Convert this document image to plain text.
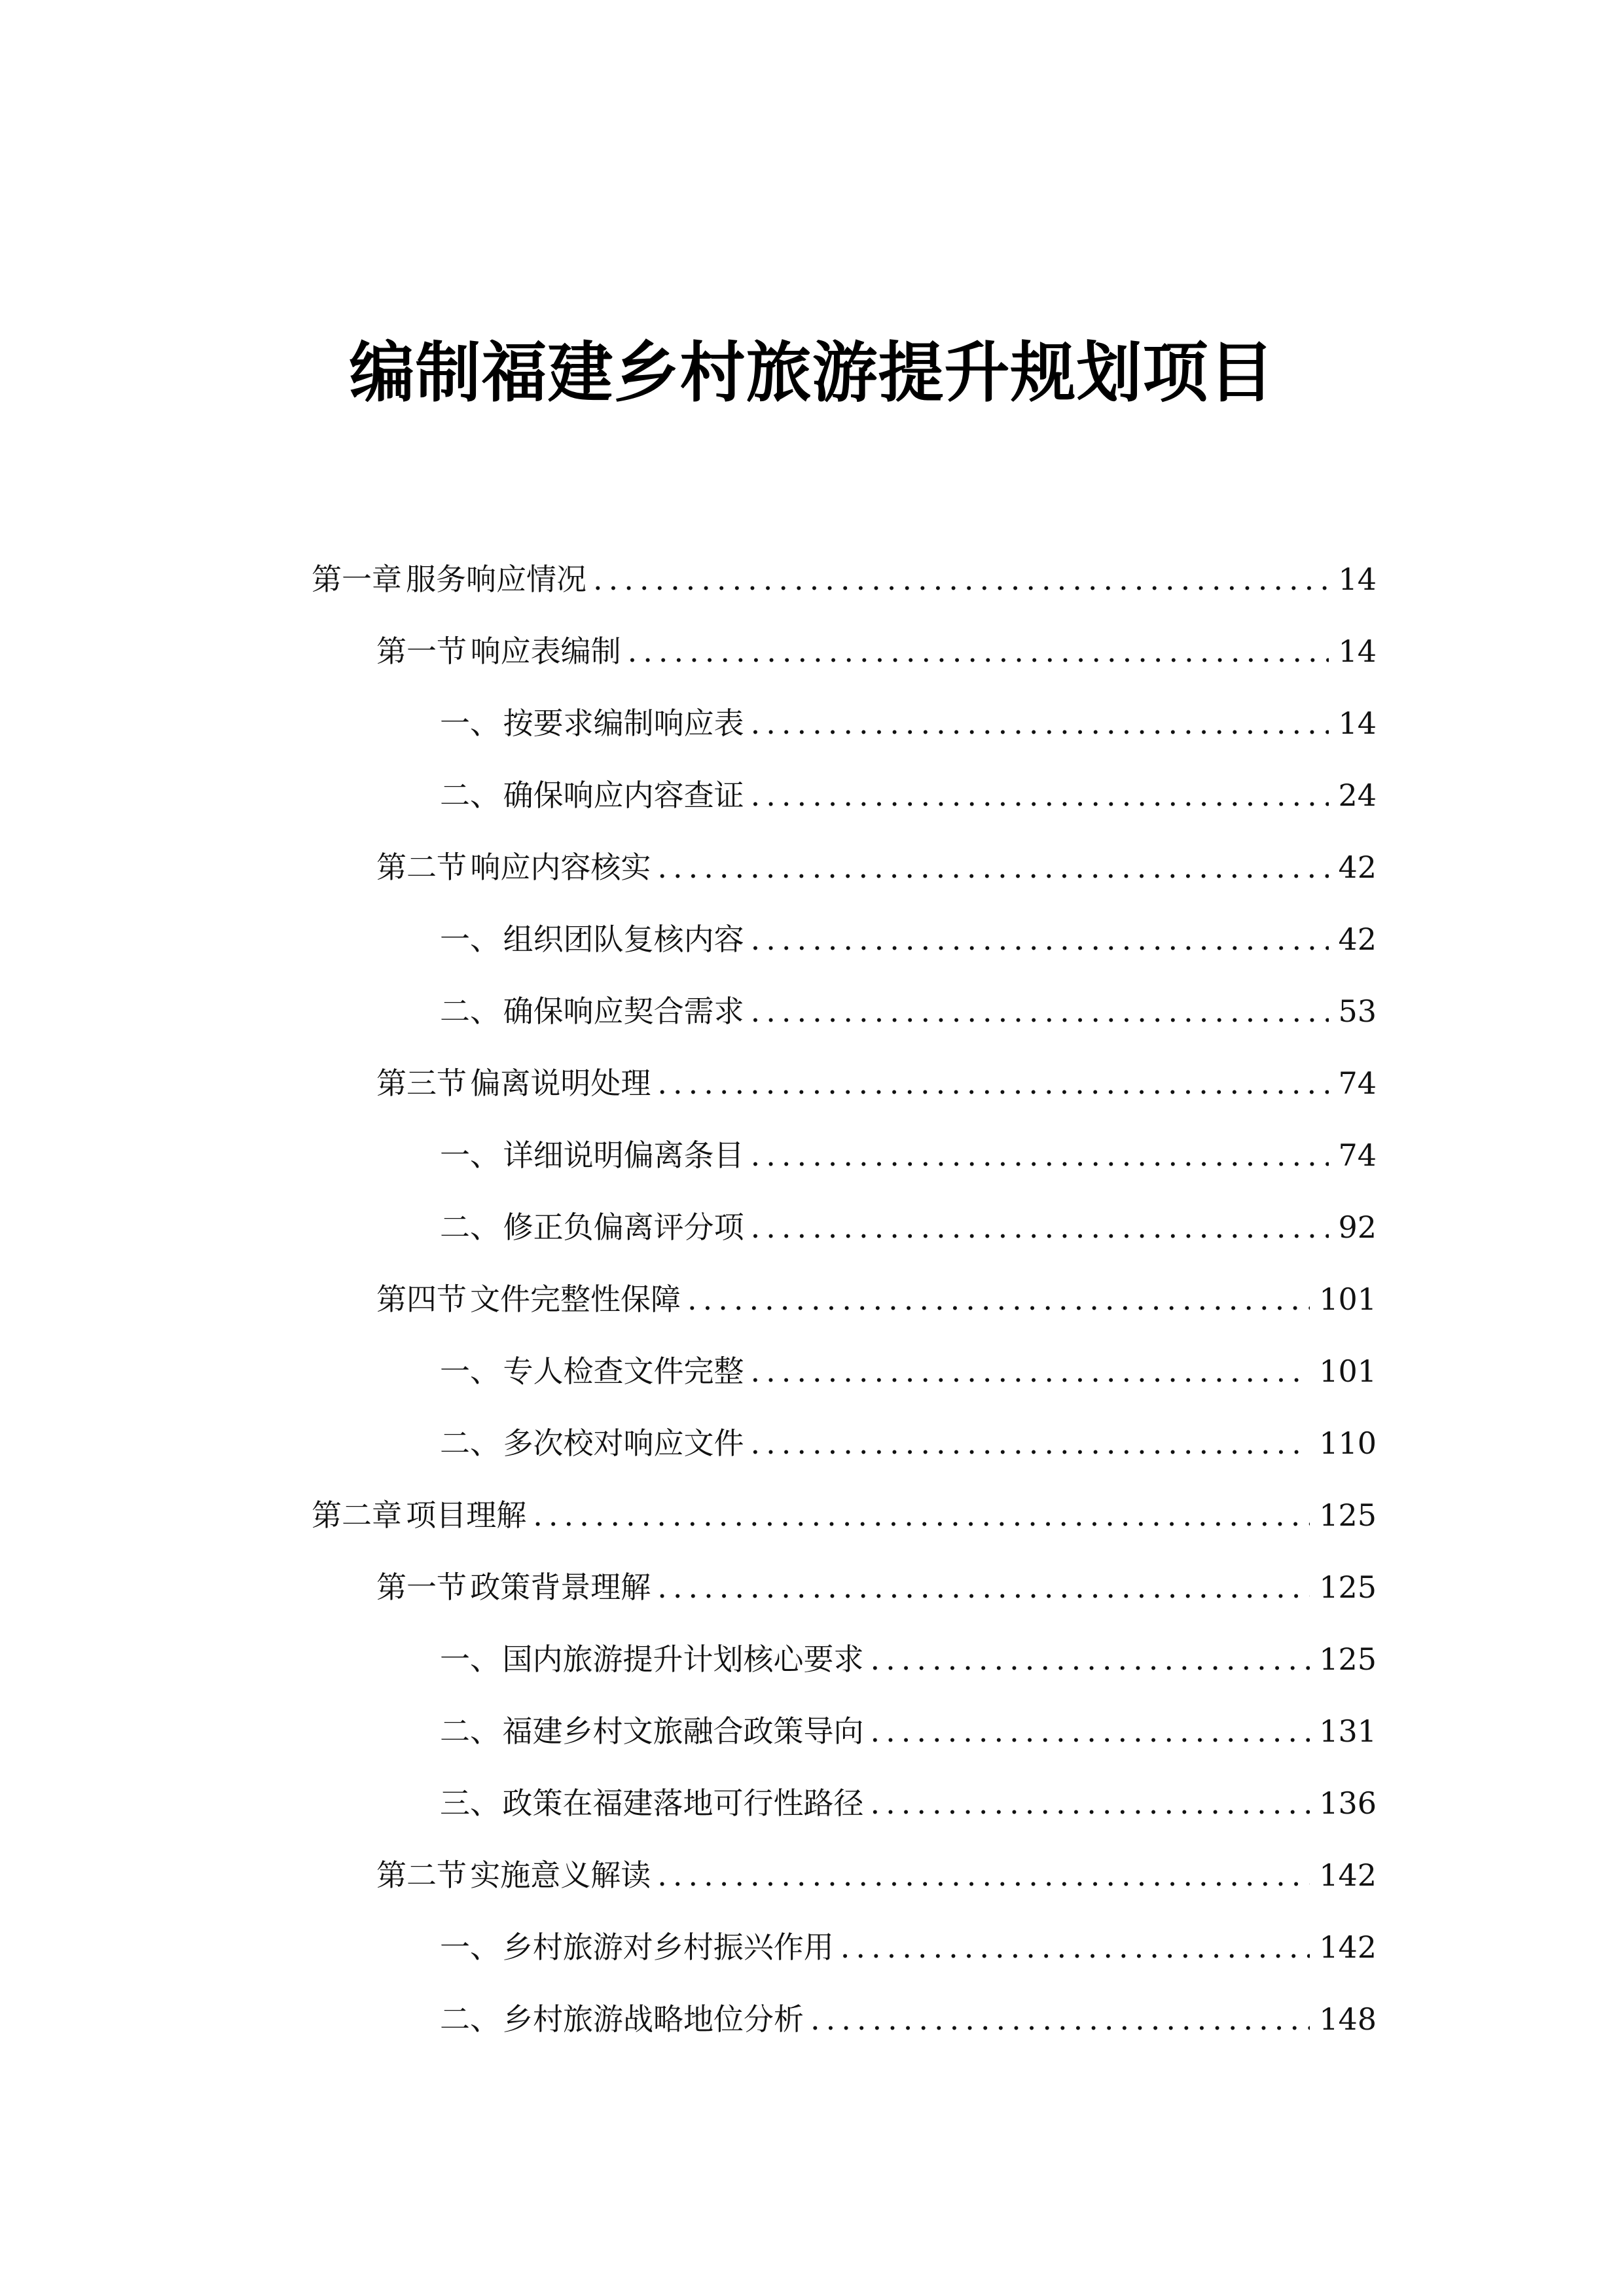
编制福建乡村旅游提升规划项目
第一章 服务响应情况 .....	14
第一节 响应表编制 .....	14
一、 按要求编制响应表 .....	14
二、 确保响应内容查证 .....	24
第二节 响应内容核实 .....	42
一、 组织团队复核内容 .....	42
二、 确保响应契合需求 .....	53
第三节 偏离说明处理 .....	74
一、 详细说明偏离条目 .....	74
二、 修正负偏离评分项 .....	92
第四节 文件完整性保障 .....	101
一、 专人检查文件完整 .....	101
二、 多次校对响应文件 .....	110
第二章 项目理解 .....	125
第一节 政策背景理解 .....	125
一、 国内旅游提升计划核心要求 .....	125
二、 福建乡村文旅融合政策导向 .....	131
三、 政策在福建落地可行性路径 .....	136
第二节 实施意义解读 .....	142
一、 乡村旅游对乡村振兴作用 .....	142
二、 乡村旅游战略地位分析 .....	148
